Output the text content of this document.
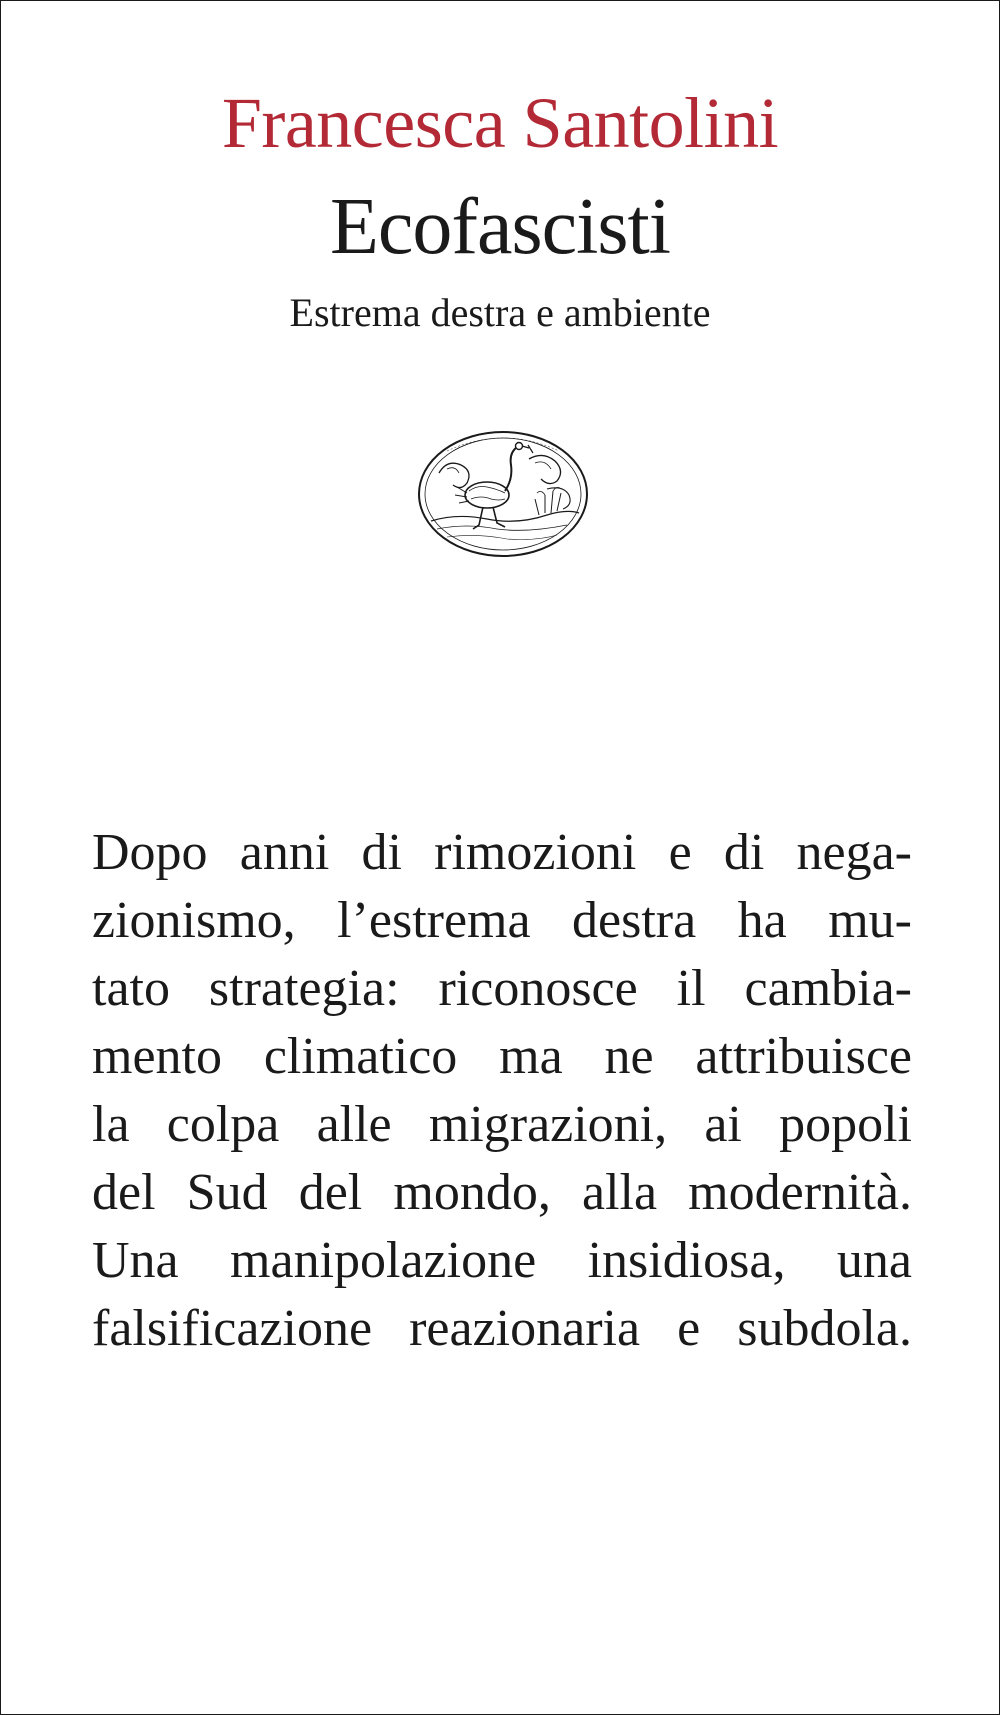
Francesca Santolini
Ecofascisti
Estrema destra e ambiente
Dopo anni di rimozioni e di nega-
zionismo, l’estrema destra ha mu-
tato strategia: riconosce il cambia-
mento climatico ma ne attribuisce
la colpa alle migrazioni, ai popoli
del Sud del mondo, alla modernità.
Una manipolazione insidiosa, una
falsificazione reazionaria e subdola.
